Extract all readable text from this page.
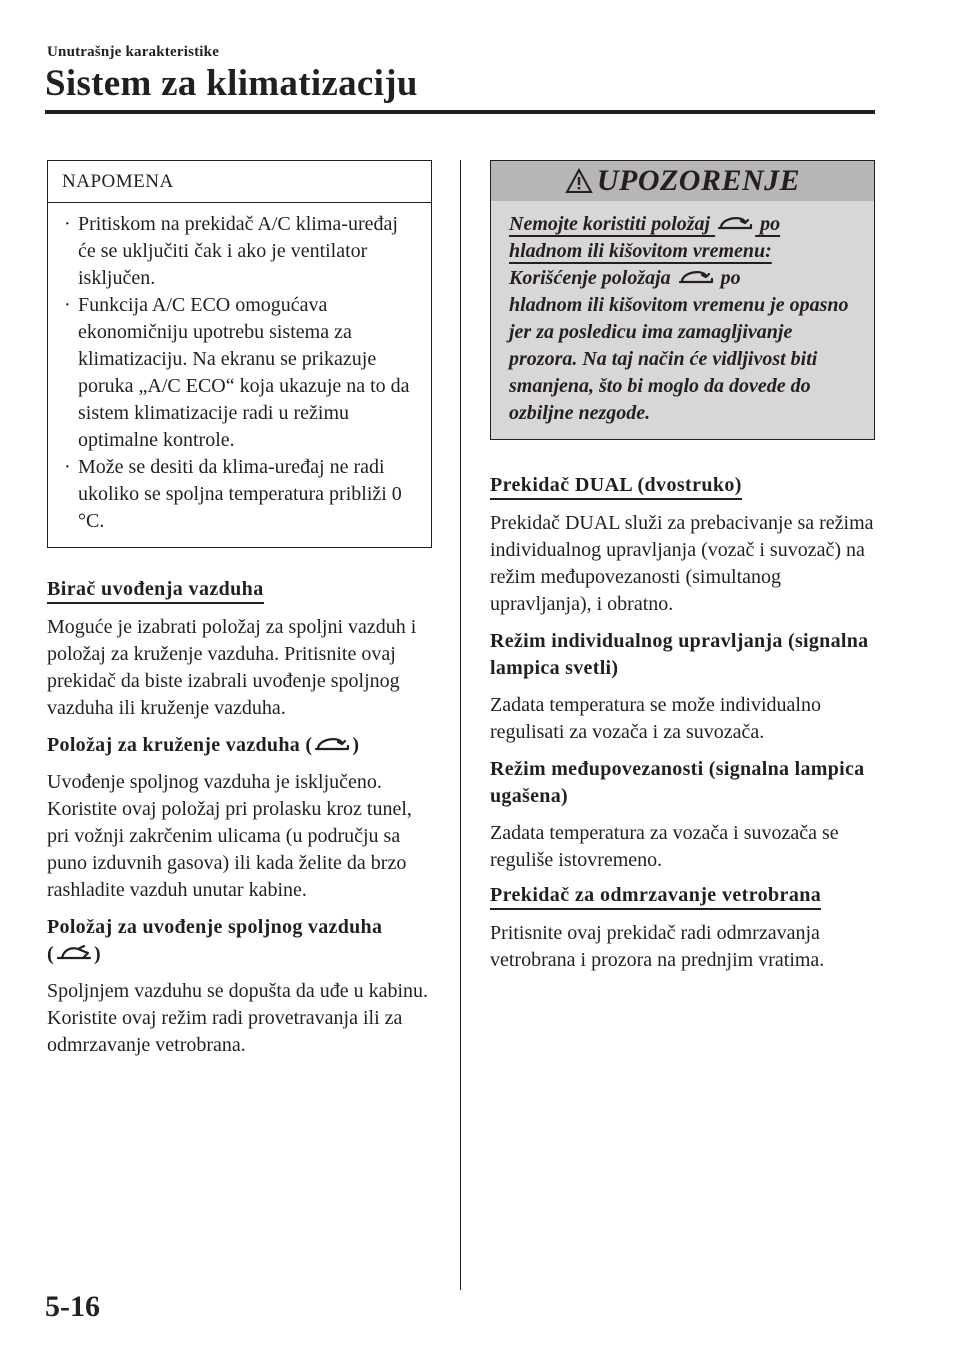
Unutrašnje karakteristike
Sistem za klimatizaciju
NAPOMENA
· Pritiskom na prekidač A/C klima-uređaj će se uključiti čak i ako je ventilator isključen.
· Funkcija A/C ECO omogućava ekonomičniju upotrebu sistema za klimatizaciju. Na ekranu se prikazuje poruka „A/C ECO“ koja ukazuje na to da sistem klimatizacije radi u režimu optimalne kontrole.
· Može se desiti da klima-uređaj ne radi ukoliko se spoljna temperatura približi 0 °C.
Birač uvođenja vazduha

Moguće je izabrati položaj za spoljni vazduh i položaj za kruženje vazduha. Pritisnite ovaj prekidač da biste izabrali uvođenje spoljnog vazduha ili kruženje vazduha.

Položaj za kruženje vazduha ( )

Uvođenje spoljnog vazduha je isključeno. Koristite ovaj položaj pri prolasku kroz tunel, pri vožnji zakrčenim ulicama (u području sa puno izduvnih gasova) ili kada želite da brzo rashladite vazduh unutar kabine.

Položaj za uvođenje spoljnog vazduha
( )

Spoljnjem vazduhu se dopušta da uđe u kabinu. Koristite ovaj režim radi provetravanja ili za odmrzavanje vetrobrana.

UPOZORENJE
Nemojte koristiti položaj	po
hladnom ili kišovitom vremenu:
Korišćenje položaja	po
hladnom ili kišovitom vremenu je opasno jer za posledicu ima zamagljivanje prozora. Na taj način će vidljivost biti smanjena, što bi moglo da dovede do ozbiljne nezgode.
Prekidač DUAL (dvostruko)

Prekidač DUAL služi za prebacivanje sa režima individualnog upravljanja (vozač i suvozač) na režim međupovezanosti (simultanog upravljanja), i obratno.

Režim individualnog upravljanja (signalna lampica svetli)

Zadata temperatura se može individualno regulisati za vozača i za suvozača.

Režim međupovezanosti (signalna lampica ugašena)

Zadata temperatura za vozača i suvozača se reguliše istovremeno.

Prekidač za odmrzavanje vetrobrana

Pritisnite ovaj prekidač radi odmrzavanja vetrobrana i prozora na prednjim vratima.

5-16
